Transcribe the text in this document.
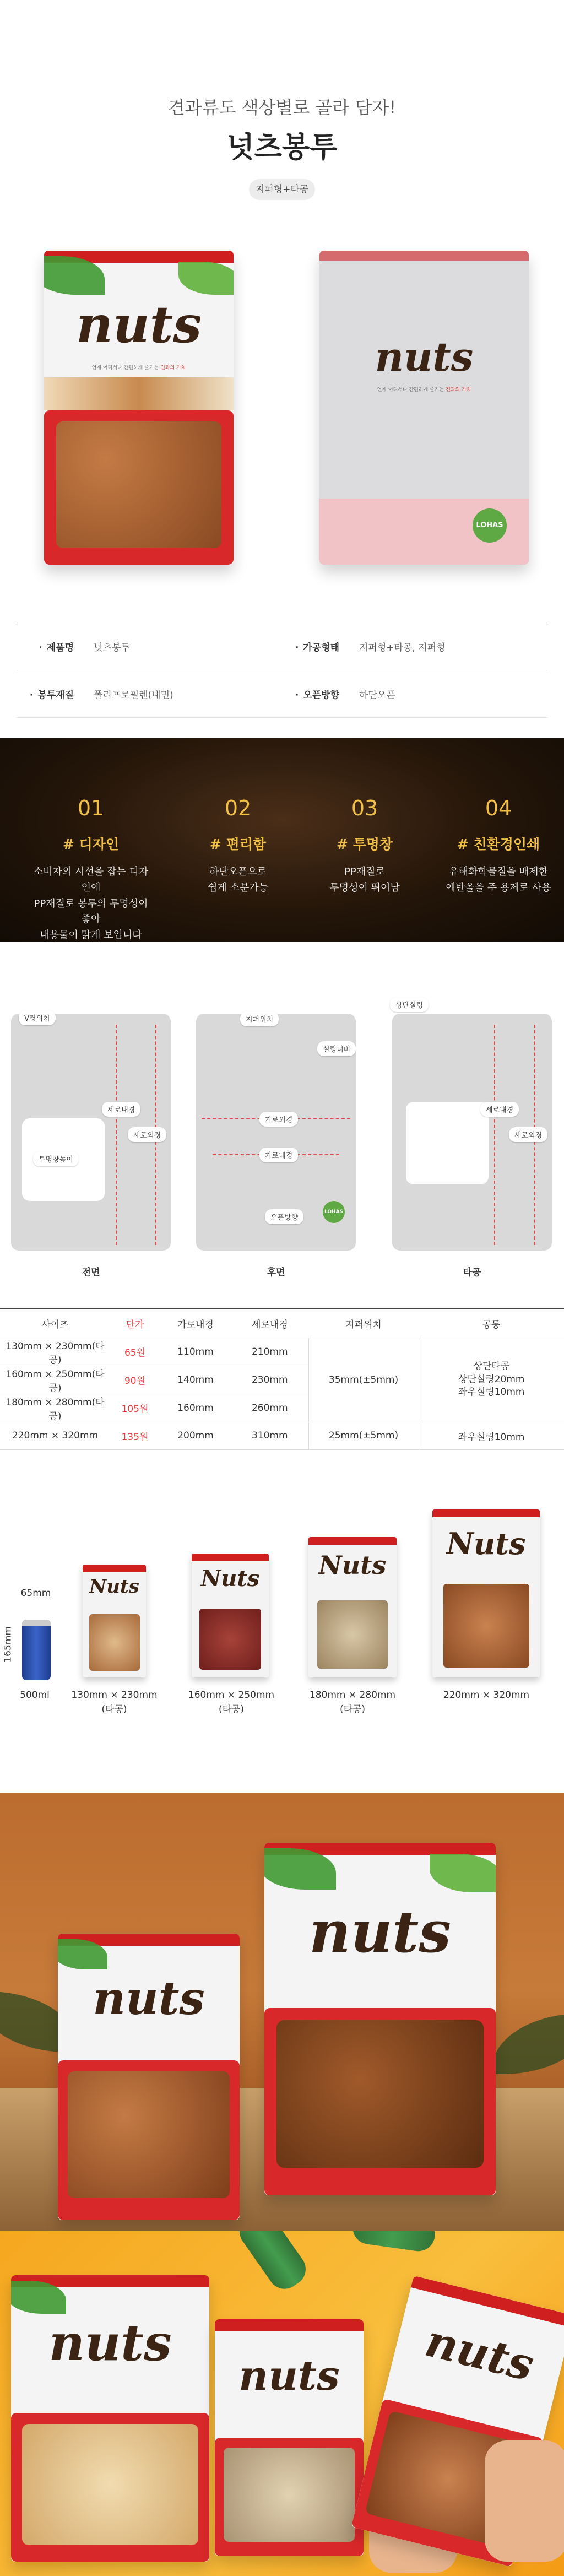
견과류도 색상별로 골라 담자!
넛츠봉투
지퍼형+타공
nuts
언제 어디서나 간편하게 즐기는 견과의 가치	nuts
언제 어디서나 간편하게 즐기는 견과의 가치
LOHAS
· 제품명	넛츠봉투	· 가공형태	지퍼형+타공, 지퍼형
· 봉투재질	폴리프로필렌(내면)	· 오픈방향	하단오픈
01
# 디자인
소비자의 시선을 잡는 디자인에
PP재질로 봉투의 투명성이 좋아
내용물이 맑게 보입니다
02
# 편리함
하단오픈으로
쉽게 소분가능
03
# 투명창
PP재질로
투명성이 뛰어남
04
# 친환경인쇄
유해화학물질을 배제한
에탄올을 주 용제로 사용
V컷위치
세로내경
세로외경
투명창높이
전면
지퍼위치
실링너비
가로외경
가로내경
오픈방향
LOHAS
후면
상단실링
세로내경
세로외경
타공
사이즈	단가	가로내경	세로내경	지퍼위치	공통
130mm × 230mm(타공)	65원	110mm	210mm	35mm(±5mm)	상단타공
상단실링20mm
좌우실링10mm

160mm × 250mm(타공)	90원	140mm	230mm		
180mm × 280mm(타공)	105원	160mm	260mm		
220mm × 320mm	135원	200mm	310mm	25mm(±5mm)	좌우실링10mm
65mm
165mm
500ml
Nuts
130mm × 230mm
(타공)
Nuts
160mm × 250mm
(타공)
Nuts
180mm × 280mm
(타공)
Nuts
220mm × 320mm
nuts
nuts
nuts
nuts	nuts
